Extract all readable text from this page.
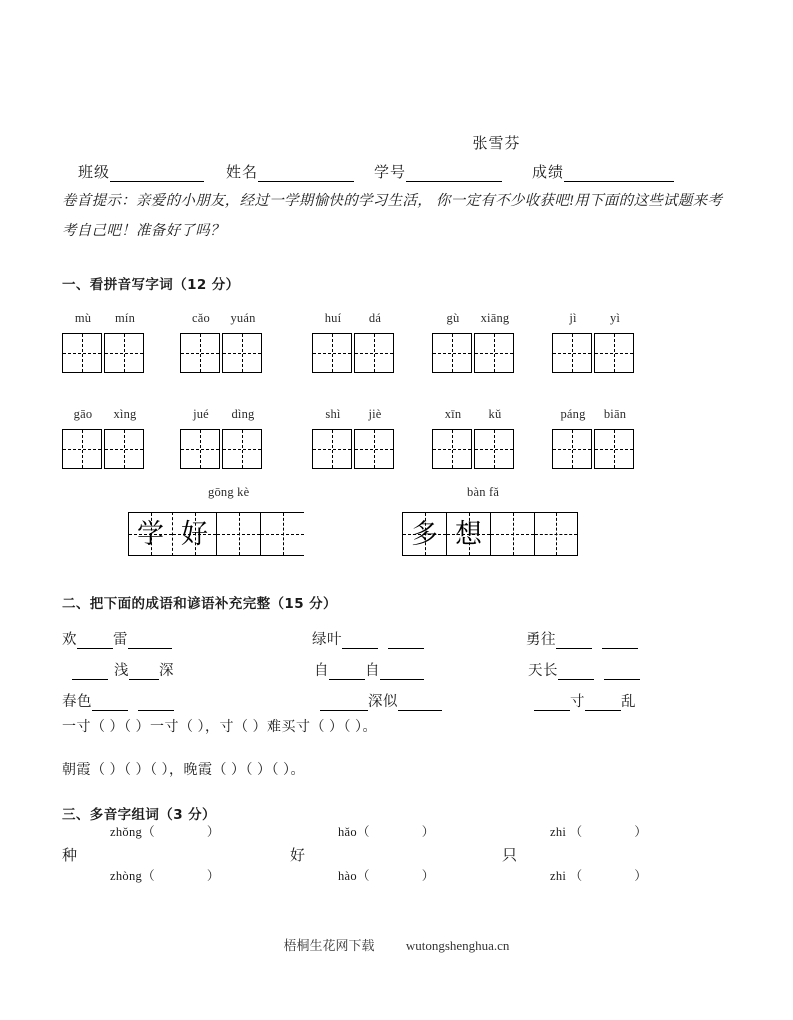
张雪芬
班级	姓名	学号	成绩
卷首提示：亲爱的小朋友，经过一学期愉快的学习生活， 你一定有不少收获吧!用下面的这些试题来考考自己吧！准备好了吗？
一、看拼音写字词（12 分）
mù	mín	cǎo	yuán	huí	dá	gù	xiāng	jì	yì
gāo	xìng	jué	dìng	shì	jiè	xīn	kǔ	páng	biān
gōng kè	bàn fǎ
学 好	多 想
二、把下面的成语和谚语补充完整（15 分）
欢 雷	绿叶	勇往
浅 深	自 自	天长
春色	深似	寸 乱
一寸（ ）（ ）一寸（ ），寸（ ）难买寸（ ）（ ）。
朝霞（ ）（ ）（ ），晚霞（ ）（ ）（ ）。
三、多音字组词（3 分）
种
zhǒng（	）
zhòng（	）
好
hǎo（	）
hào（	）
只
zhi （	）
zhi （	）
梧桐生花网下载 wutongshenghua.cn
